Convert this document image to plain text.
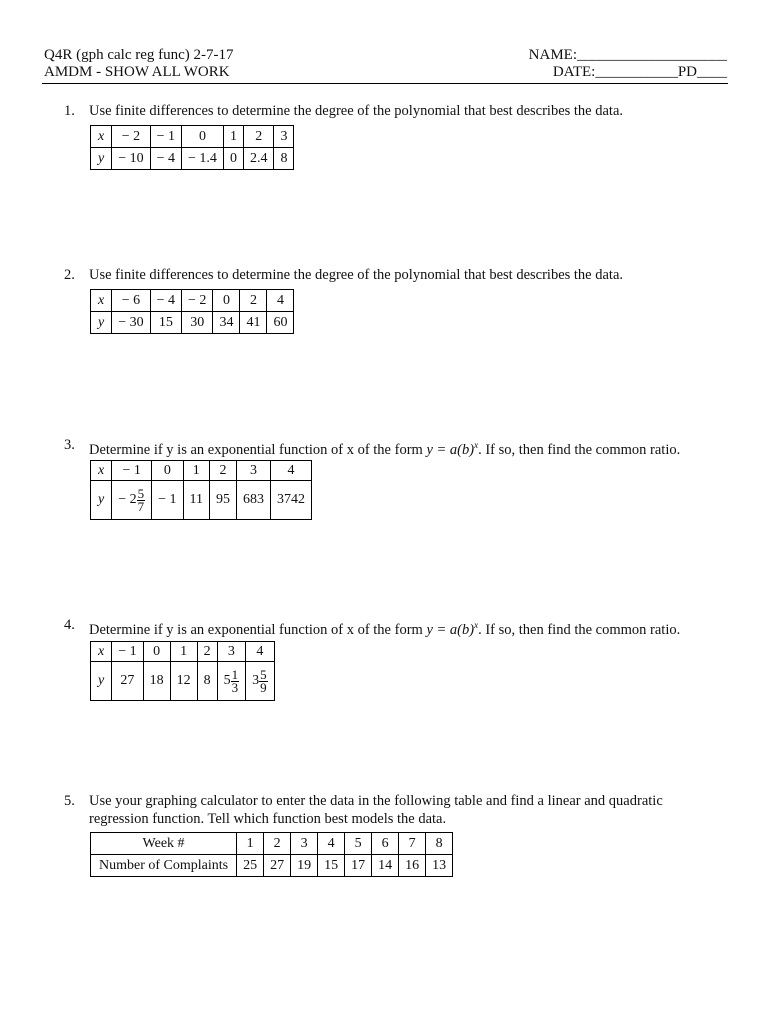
Q4R (gph calc reg func) 2-7-17
AMDM - SHOW ALL WORK
NAME:____________________
DATE:___________PD____
1. Use finite differences to determine the degree of the polynomial that best describes the data.
x	− 2	− 1	0	1	2	3
y	− 10	− 4	− 1.4	0	2.4	8
2. Use finite differences to determine the degree of the polynomial that best describes the data.
x	− 6	− 4	− 2	0	2	4
y	− 30	15	30	34	41	60
3. Determine if y is an exponential function of x of the form $y = a(b)^x$. If so, then find the common ratio.
x	− 1	0	1	2	3	4
y	− $2 \frac{5}{7}$	− 1	11	95	683	3742
4. Determine if y is an exponential function of x of the form $y = a(b)^x$. If so, then find the common ratio.
x	− 1	0	1	2	3	4
y	27	18	12	8	$5 \frac{1}{3}$	$3 \frac{5}{9}$
5. Use your graphing calculator to enter the data in the following table and find a linear and quadratic
regression function. Tell which function best models the data.
Week #	1	2	3	4	5	6	7	8
Number of Complaints	25	27	19	15	17	14	16	13
